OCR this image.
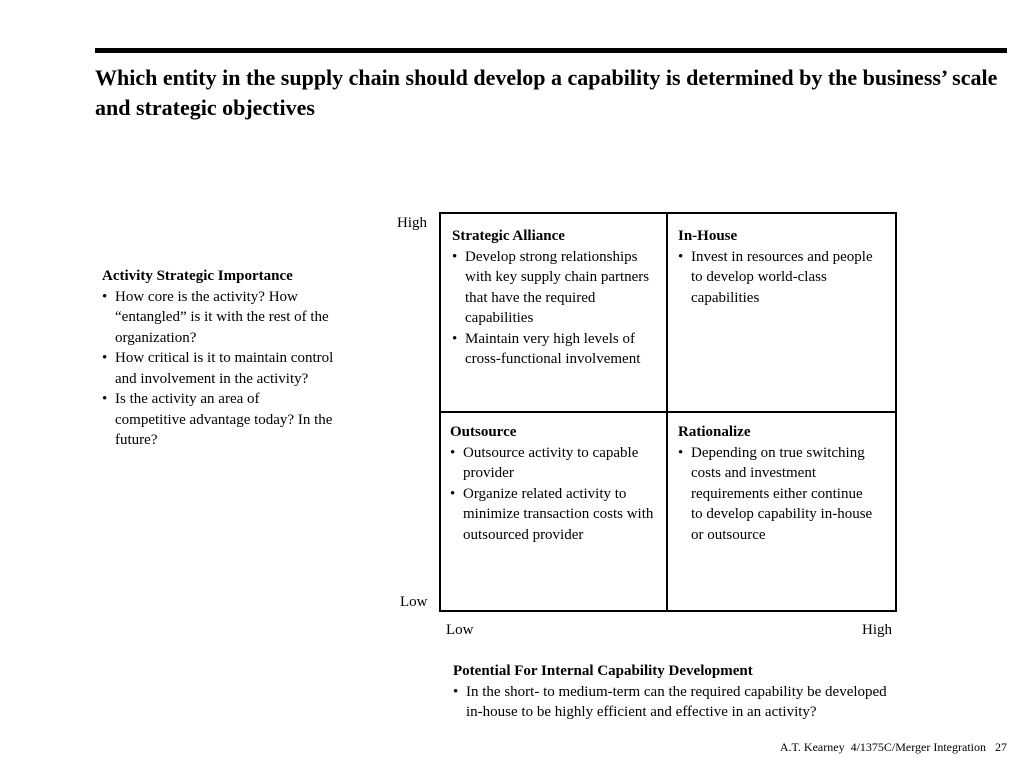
Which entity in the supply chain should develop a capability is determined by the business’ scale and strategic objectives
Activity Strategic Importance
• How core is the activity? How “entangled” is it with the rest of the organization?
• How critical is it to maintain control and involvement in the activity?
• Is the activity an area of competitive advantage today? In the future?
High
Low
Strategic Alliance
• Develop strong relationships with key supply chain partners that have the required capabilities
• Maintain very high levels of cross-functional involvement
In-House
• Invest in resources and people to develop world-class capabilities
Outsource
• Outsource activity to capable provider
• Organize related activity to minimize transaction costs with outsourced provider
Rationalize
• Depending on true switching costs and investment requirements either continue to develop capability in-house or outsource
Low	High
Potential For Internal Capability Development
• In the short- to medium-term can the required capability be developed in-house to be highly efficient and effective in an activity?
A.T. Kearney  4/1375C/Merger Integration   27
